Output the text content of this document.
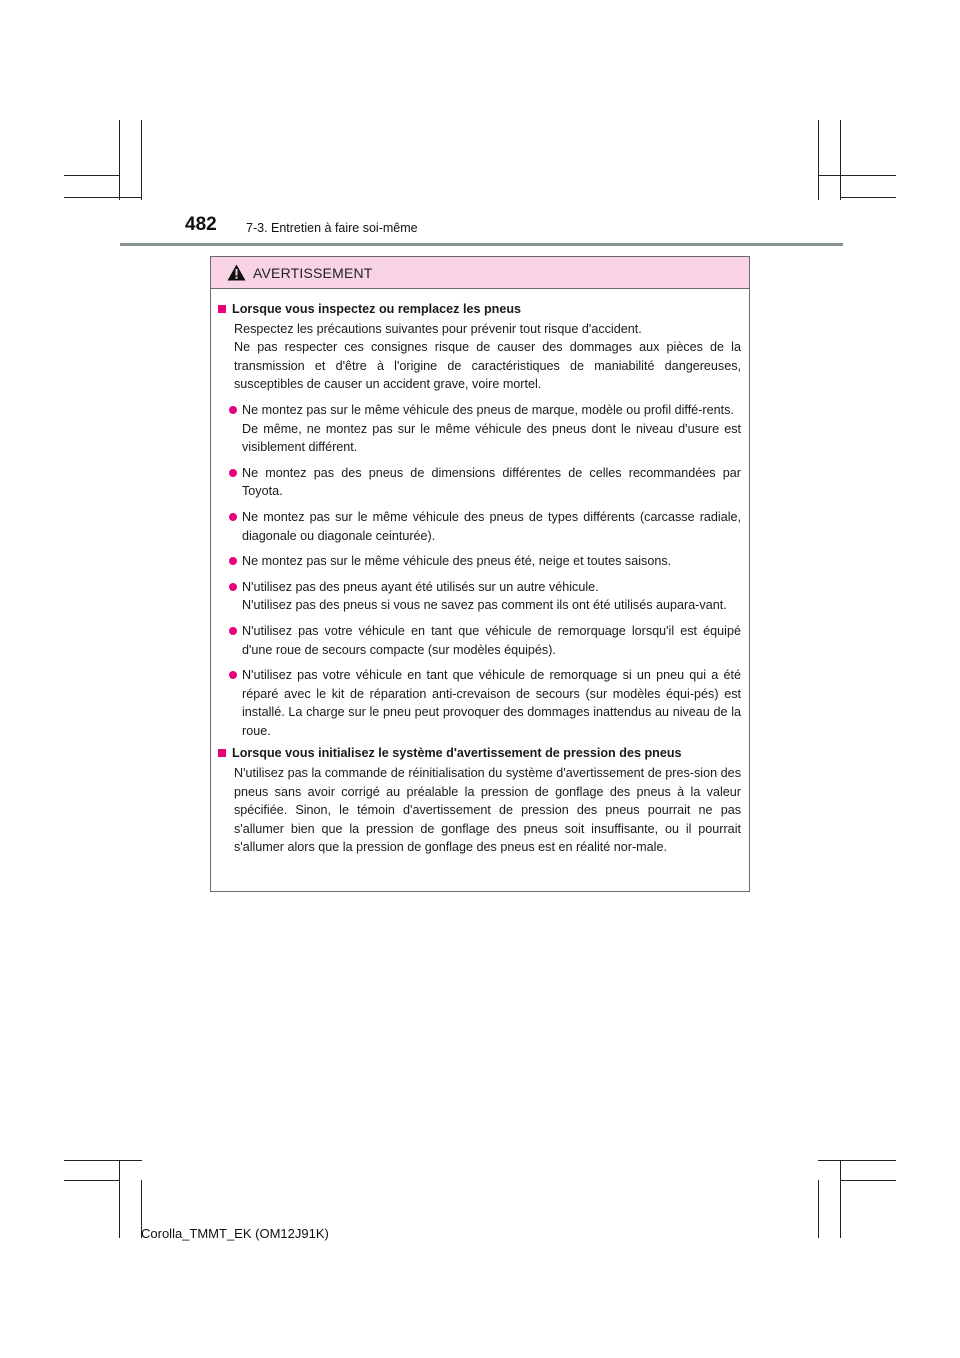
482 7-3. Entretien à faire soi-même
AVERTISSEMENT
Lorsque vous inspectez ou remplacez les pneus
Respectez les précautions suivantes pour prévenir tout risque d'accident.
Ne pas respecter ces consignes risque de causer des dommages aux pièces de la transmission et d'être à l'origine de caractéristiques de maniabilité dangereuses, susceptibles de causer un accident grave, voire mortel.
Ne montez pas sur le même véhicule des pneus de marque, modèle ou profil diffé-rents.
De même, ne montez pas sur le même véhicule des pneus dont le niveau d'usure est visiblement différent.
Ne montez pas des pneus de dimensions différentes de celles recommandées par Toyota.
Ne montez pas sur le même véhicule des pneus de types différents (carcasse radiale, diagonale ou diagonale ceinturée).
Ne montez pas sur le même véhicule des pneus été, neige et toutes saisons.
N'utilisez pas des pneus ayant été utilisés sur un autre véhicule.
N'utilisez pas des pneus si vous ne savez pas comment ils ont été utilisés aupara-vant.
N'utilisez pas votre véhicule en tant que véhicule de remorquage lorsqu'il est équipé d'une roue de secours compacte (sur modèles équipés).
N'utilisez pas votre véhicule en tant que véhicule de remorquage si un pneu qui a été réparé avec le kit de réparation anti-crevaison de secours (sur modèles équi-pés) est installé. La charge sur le pneu peut provoquer des dommages inattendus au niveau de la roue.
Lorsque vous initialisez le système d'avertissement de pression des pneus
N'utilisez pas la commande de réinitialisation du système d'avertissement de pres-sion des pneus sans avoir corrigé au préalable la pression de gonflage des pneus à la valeur spécifiée. Sinon, le témoin d'avertissement de pression des pneus pourrait ne pas s'allumer bien que la pression de gonflage des pneus soit insuffisante, ou il pourrait s'allumer alors que la pression de gonflage des pneus est en réalité nor-male.
Corolla_TMMT_EK (OM12J91K)
